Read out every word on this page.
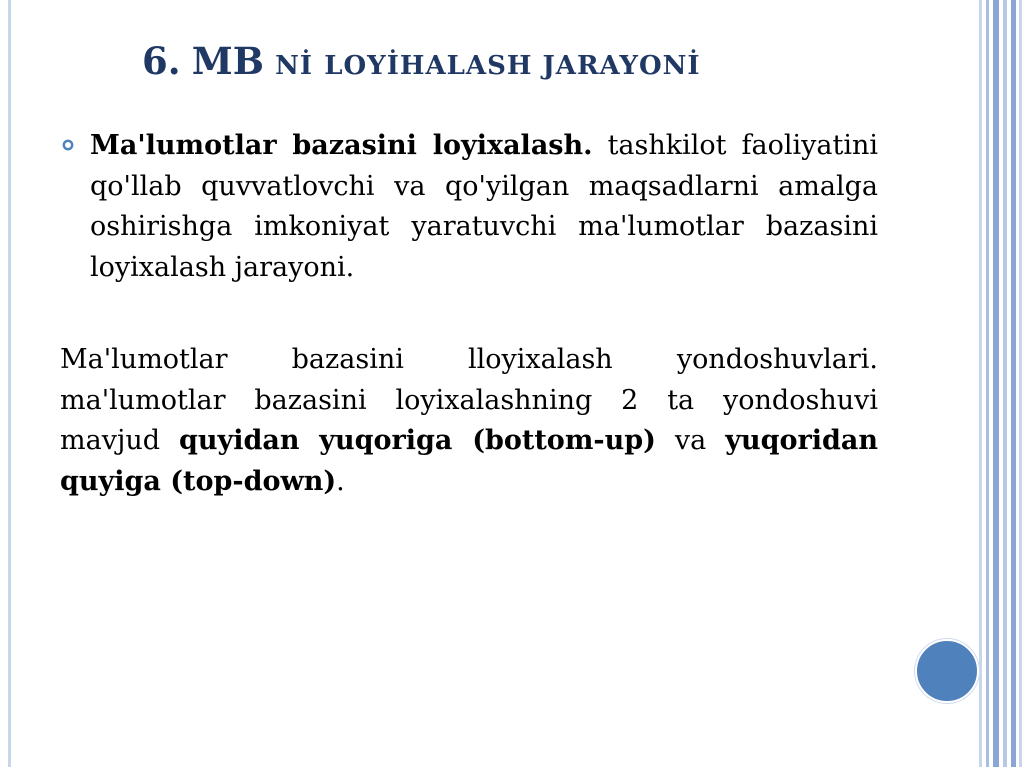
6. MB Nİ LOYİHALASH JARAYONİ

Ma'lumotlar bazasini loyixalash. tashkilot faoliyatini qo'llab quvvatlovchi va qo'yilgan maqsadlarni amalga oshirishga imkoniyat yaratuvchi ma'lumotlar bazasini loyixalash jarayoni.

Ma'lumotlar bazasini lloyixalash yondoshuvlari. ma'lumotlar bazasini loyixalashning 2 ta yondoshuvi mavjud quyidan yuqoriga (bottom-up) va yuqoridan quyiga (top-down).
